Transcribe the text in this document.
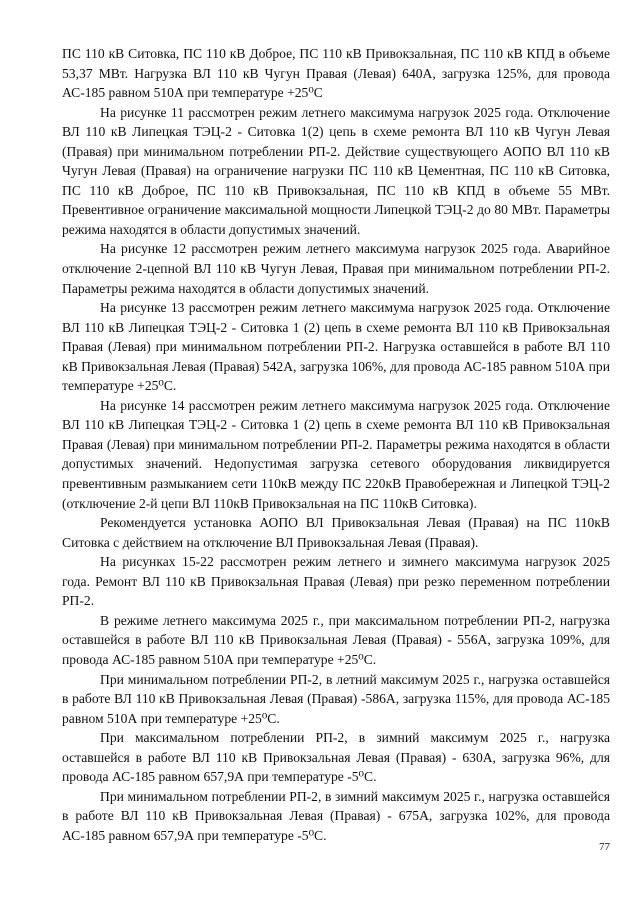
ПС 110 кВ Ситовка, ПС 110 кВ Доброе, ПС 110 кВ Привокзальная, ПС 110 кВ КПД в объеме 53,37 МВт. Нагрузка ВЛ 110 кВ Чугун Правая (Левая) 640А, загрузка 125%, для провода АС-185 равном 510А при температуре +25⁰С

На рисунке 11 рассмотрен режим летнего максимума нагрузок 2025 года. Отключение ВЛ 110 кВ Липецкая ТЭЦ-2 - Ситовка 1(2) цепь в схеме ремонта ВЛ 110 кВ Чугун Левая (Правая) при минимальном потреблении РП-2. Действие существующего АОПО ВЛ 110 кВ Чугун Левая (Правая) на ограничение нагрузки ПС 110 кВ Цементная, ПС 110 кВ Ситовка, ПС 110 кВ Доброе, ПС 110 кВ Привокзальная, ПС 110 кВ КПД в объеме 55 МВт. Превентивное ограничение максимальной мощности Липецкой ТЭЦ-2 до 80 МВт. Параметры режима находятся в области допустимых значений.

На рисунке 12 рассмотрен режим летнего максимума нагрузок 2025 года. Аварийное отключение 2-цепной ВЛ 110 кВ Чугун Левая, Правая при минимальном потреблении РП-2. Параметры режима находятся в области допустимых значений.

На рисунке 13 рассмотрен режим летнего максимума нагрузок 2025 года. Отключение ВЛ 110 кВ Липецкая ТЭЦ-2 - Ситовка 1 (2) цепь в схеме ремонта ВЛ 110 кВ Привокзальная Правая (Левая) при минимальном потреблении РП-2. Нагрузка оставшейся в работе ВЛ 110 кВ Привокзальная Левая (Правая) 542А, загрузка 106%, для провода АС-185 равном 510А при температуре +25⁰С.

На рисунке 14 рассмотрен режим летнего максимума нагрузок 2025 года. Отключение ВЛ 110 кВ Липецкая ТЭЦ-2 - Ситовка 1 (2) цепь в схеме ремонта ВЛ 110 кВ Привокзальная Правая (Левая) при минимальном потреблении РП-2. Параметры режима находятся в области допустимых значений. Недопустимая загрузка сетевого оборудования ликвидируется превентивным размыканием сети 110кВ между ПС 220кВ Правобережная и Липецкой ТЭЦ-2 (отключение 2-й цепи ВЛ 110кВ Привокзальная на ПС 110кВ Ситовка).

Рекомендуется установка АОПО ВЛ Привокзальная Левая (Правая) на ПС 110кВ Ситовка с действием на отключение ВЛ Привокзальная Левая (Правая).

На рисунках 15-22 рассмотрен режим летнего и зимнего максимума нагрузок 2025 года. Ремонт ВЛ 110 кВ Привокзальная Правая (Левая) при резко переменном потреблении РП-2.

В режиме летнего максимума 2025 г., при максимальном потреблении РП-2, нагрузка оставшейся в работе ВЛ 110 кВ Привокзальная Левая (Правая) - 556А, загрузка 109%, для провода АС-185 равном 510А при температуре +25⁰С.

При минимальном потреблении РП-2, в летний максимум 2025 г., нагрузка оставшейся в работе ВЛ 110 кВ Привокзальная Левая (Правая) -586А, загрузка 115%, для провода АС-185 равном 510А при температуре +25⁰С.

При максимальном потреблении РП-2, в зимний максимум 2025 г., нагрузка оставшейся в работе ВЛ 110 кВ Привокзальная Левая (Правая) - 630А, загрузка 96%, для провода АС-185 равном 657,9А при температуре -5⁰С.

При минимальном потреблении РП-2, в зимний максимум 2025 г., нагрузка оставшейся в работе ВЛ 110 кВ Привокзальная Левая (Правая) - 675А, загрузка 102%, для провода АС-185 равном 657,9А при температуре -5⁰С.

77
